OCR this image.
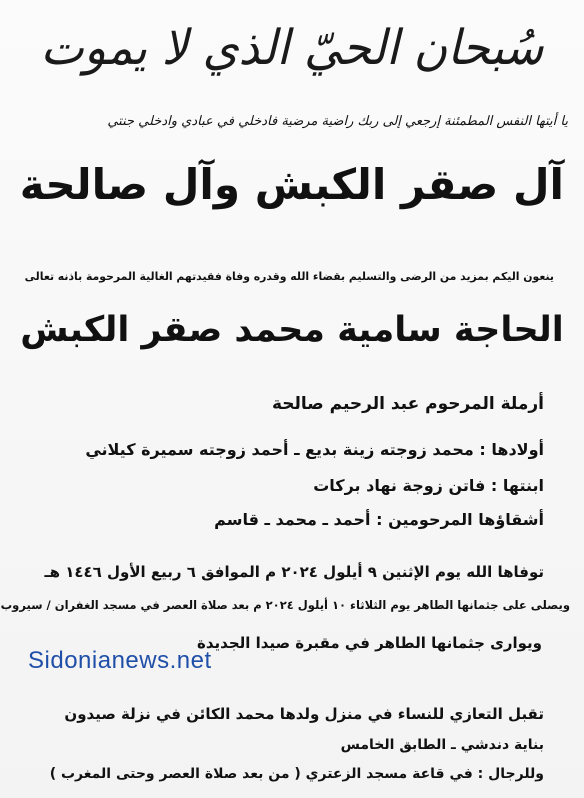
سُبحان الحيّ الذي لا يموت
يا أيتها النفس المطمئنة إرجعي إلى ربك راضية مرضية فادخلي في عبادي وادخلي جنتي
آل صقر الكبش وآل صالحة
ينعون اليكم بمزيد من الرضى والتسليم بقضاء الله وقدره وفاة فقيدتهم الغالية المرحومة باذنه تعالى
الحاجة سامية محمد صقر الكبش
أرملة المرحوم عبد الرحيم صالحة
أولادها : محمد زوجته زينة بديع ـ أحمد زوجته سميرة كيلاني
ابنتها : فاتن زوجة نهاد بركات
أشقاؤها المرحومين : أحمد ـ محمد ـ قاسم
توفاها الله يوم الإثنين ٩ أيلول ٢٠٢٤ م الموافق ٦ ربيع الأول ١٤٤٦ هـ
ويصلى على جثمانها الطاهر يوم الثلاثاء ١٠ أيلول ٢٠٢٤ م بعد صلاة العصر في مسجد الغفران / سيروب
ويوارى جثمانها الطاهر في مقبرة صيدا الجديدة
Sidonianews.net
تقبل التعازي للنساء في منزل ولدها محمد الكائن في نزلة صيدون
بناية دندشي ـ الطابق الخامس
وللرجال : في قاعة مسجد الزعتري ( من بعد صلاة العصر وحتى المغرب )
